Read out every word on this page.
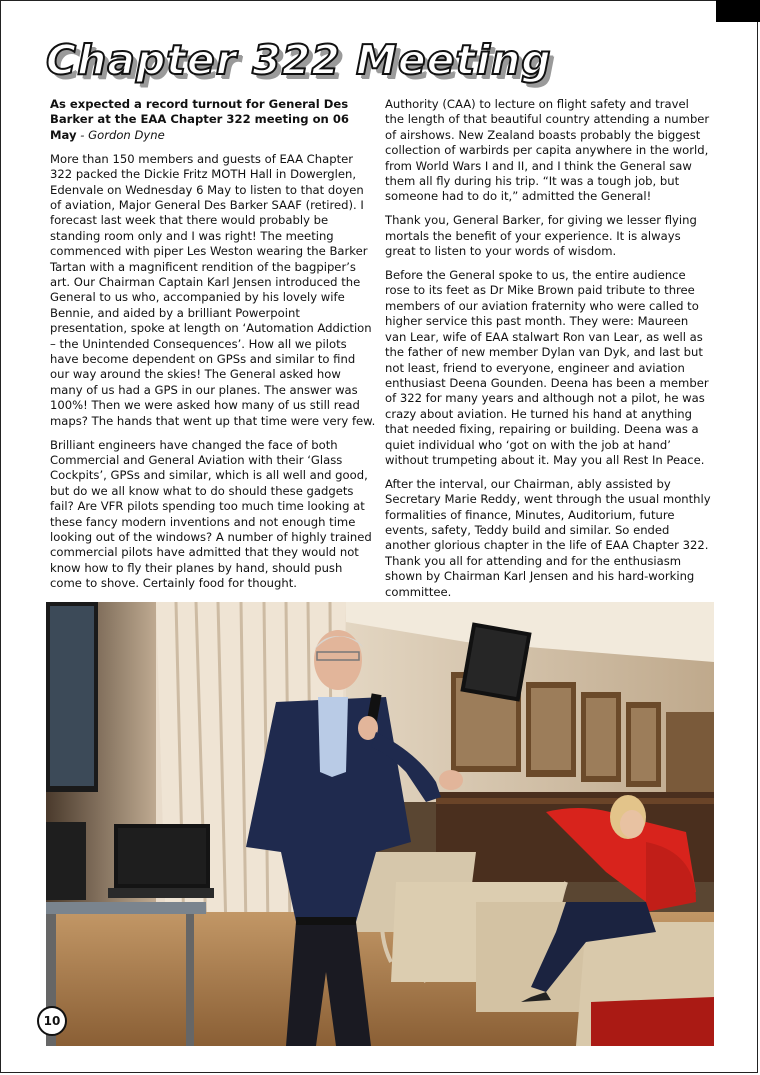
Chapter 322 Meeting

As expected a record turnout for General Des Barker at the EAA Chapter 322 meeting on 06 May - Gordon Dyne

More than 150 members and guests of EAA Chapter 322 packed the Dickie Fritz MOTH Hall in Dowerglen, Edenvale on Wednesday 6 May to listen to that doyen of aviation, Major General Des Barker SAAF (retired). I forecast last week that there would probably be standing room only and I was right! The meeting commenced with piper Les Weston wearing the Barker Tartan with a magnificent rendition of the bagpiper’s art. Our Chairman Captain Karl Jensen introduced the General to us who, accompanied by his lovely wife Bennie, and aided by a brilliant Powerpoint presentation, spoke at length on ‘Automation Addiction – the Unintended Consequences’. How all we pilots have become dependent on GPSs and similar to find our way around the skies! The General asked how many of us had a GPS in our planes. The answer was 100%! Then we were asked how many of us still read maps? The hands that went up that time were very few.

Brilliant engineers have changed the face of both Commercial and General Aviation with their ‘Glass Cockpits’, GPSs and similar, which is all well and good, but do we all know what to do should these gadgets fail? Are VFR pilots spending too much time looking at these fancy modern inventions and not enough time looking out of the windows? A number of highly trained commercial pilots have admitted that they would not know how to fly their planes by hand, should push come to shove. Certainly food for thought.

Authority (CAA) to lecture on flight safety and travel the length of that beautiful country attending a number of airshows. New Zealand boasts probably the biggest collection of warbirds per capita anywhere in the world, from World Wars I and II, and I think the General saw them all fly during his trip. “It was a tough job, but someone had to do it,” admitted the General!

Thank you, General Barker, for giving we lesser flying mortals the benefit of your experience. It is always great to listen to your words of wisdom.

Before the General spoke to us, the entire audience rose to its feet as Dr Mike Brown paid tribute to three members of our aviation fraternity who were called to higher service this past month. They were: Maureen van Lear, wife of EAA stalwart Ron van Lear, as well as the father of new member Dylan van Dyk, and last but not least, friend to everyone, engineer and aviation enthusiast Deena Gounden. Deena has been a member of 322 for many years and although not a pilot, he was crazy about aviation. He turned his hand at anything that needed fixing, repairing or building. Deena was a quiet individual who ‘got on with the job at hand’ without trumpeting about it. May you all Rest In Peace.

After the interval, our Chairman, ably assisted by Secretary Marie Reddy, went through the usual monthly formalities of finance, Minutes, Auditorium, future events, safety, Teddy build and similar. So ended another glorious chapter in the life of EAA Chapter 322. Thank you all for attending and for the enthusiasm shown by Chairman Karl Jensen and his hard-working committee.

10
